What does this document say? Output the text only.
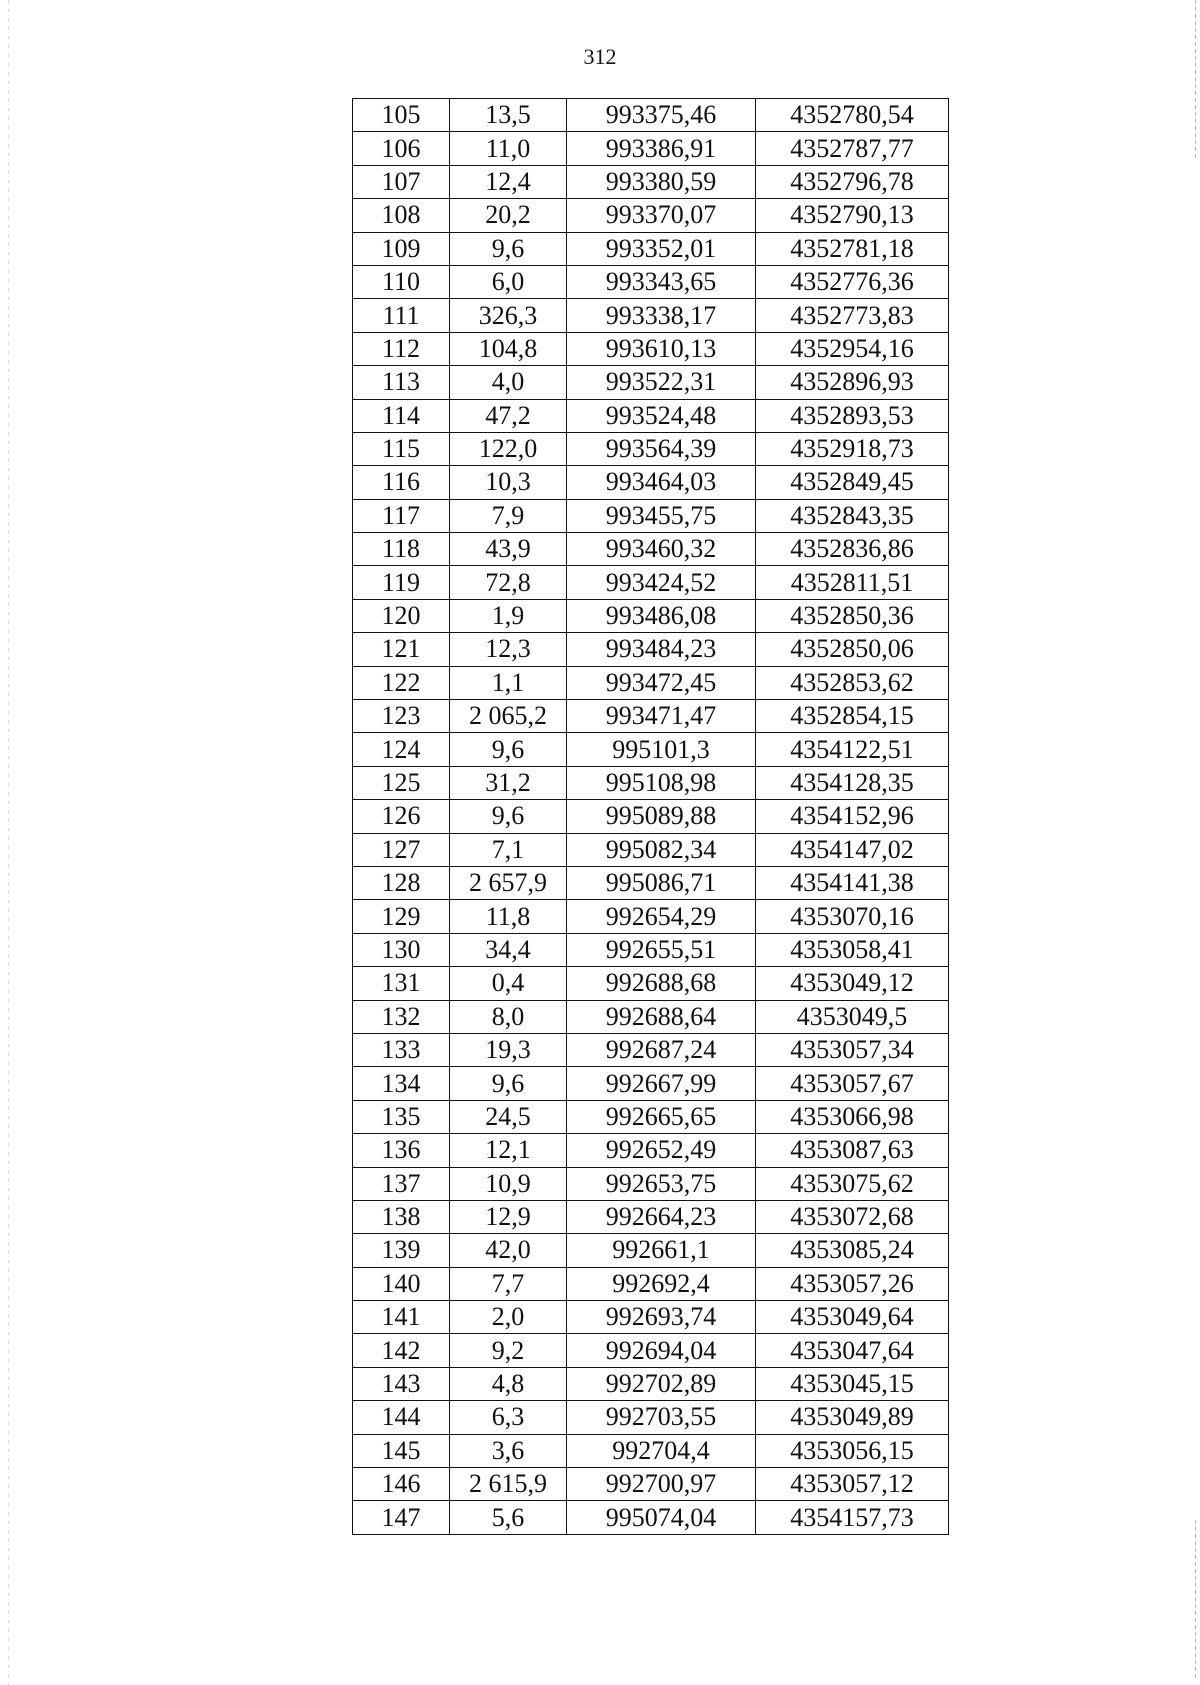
312
105	13,5	993375,46	4352780,54
106	11,0	993386,91	4352787,77
107	12,4	993380,59	4352796,78
108	20,2	993370,07	4352790,13
109	9,6	993352,01	4352781,18
110	6,0	993343,65	4352776,36
111	326,3	993338,17	4352773,83
112	104,8	993610,13	4352954,16
113	4,0	993522,31	4352896,93
114	47,2	993524,48	4352893,53
115	122,0	993564,39	4352918,73
116	10,3	993464,03	4352849,45
117	7,9	993455,75	4352843,35
118	43,9	993460,32	4352836,86
119	72,8	993424,52	4352811,51
120	1,9	993486,08	4352850,36
121	12,3	993484,23	4352850,06
122	1,1	993472,45	4352853,62
123	2 065,2	993471,47	4352854,15
124	9,6	995101,3	4354122,51
125	31,2	995108,98	4354128,35
126	9,6	995089,88	4354152,96
127	7,1	995082,34	4354147,02
128	2 657,9	995086,71	4354141,38
129	11,8	992654,29	4353070,16
130	34,4	992655,51	4353058,41
131	0,4	992688,68	4353049,12
132	8,0	992688,64	4353049,5
133	19,3	992687,24	4353057,34
134	9,6	992667,99	4353057,67
135	24,5	992665,65	4353066,98
136	12,1	992652,49	4353087,63
137	10,9	992653,75	4353075,62
138	12,9	992664,23	4353072,68
139	42,0	992661,1	4353085,24
140	7,7	992692,4	4353057,26
141	2,0	992693,74	4353049,64
142	9,2	992694,04	4353047,64
143	4,8	992702,89	4353045,15
144	6,3	992703,55	4353049,89
145	3,6	992704,4	4353056,15
146	2 615,9	992700,97	4353057,12
147	5,6	995074,04	4354157,73
